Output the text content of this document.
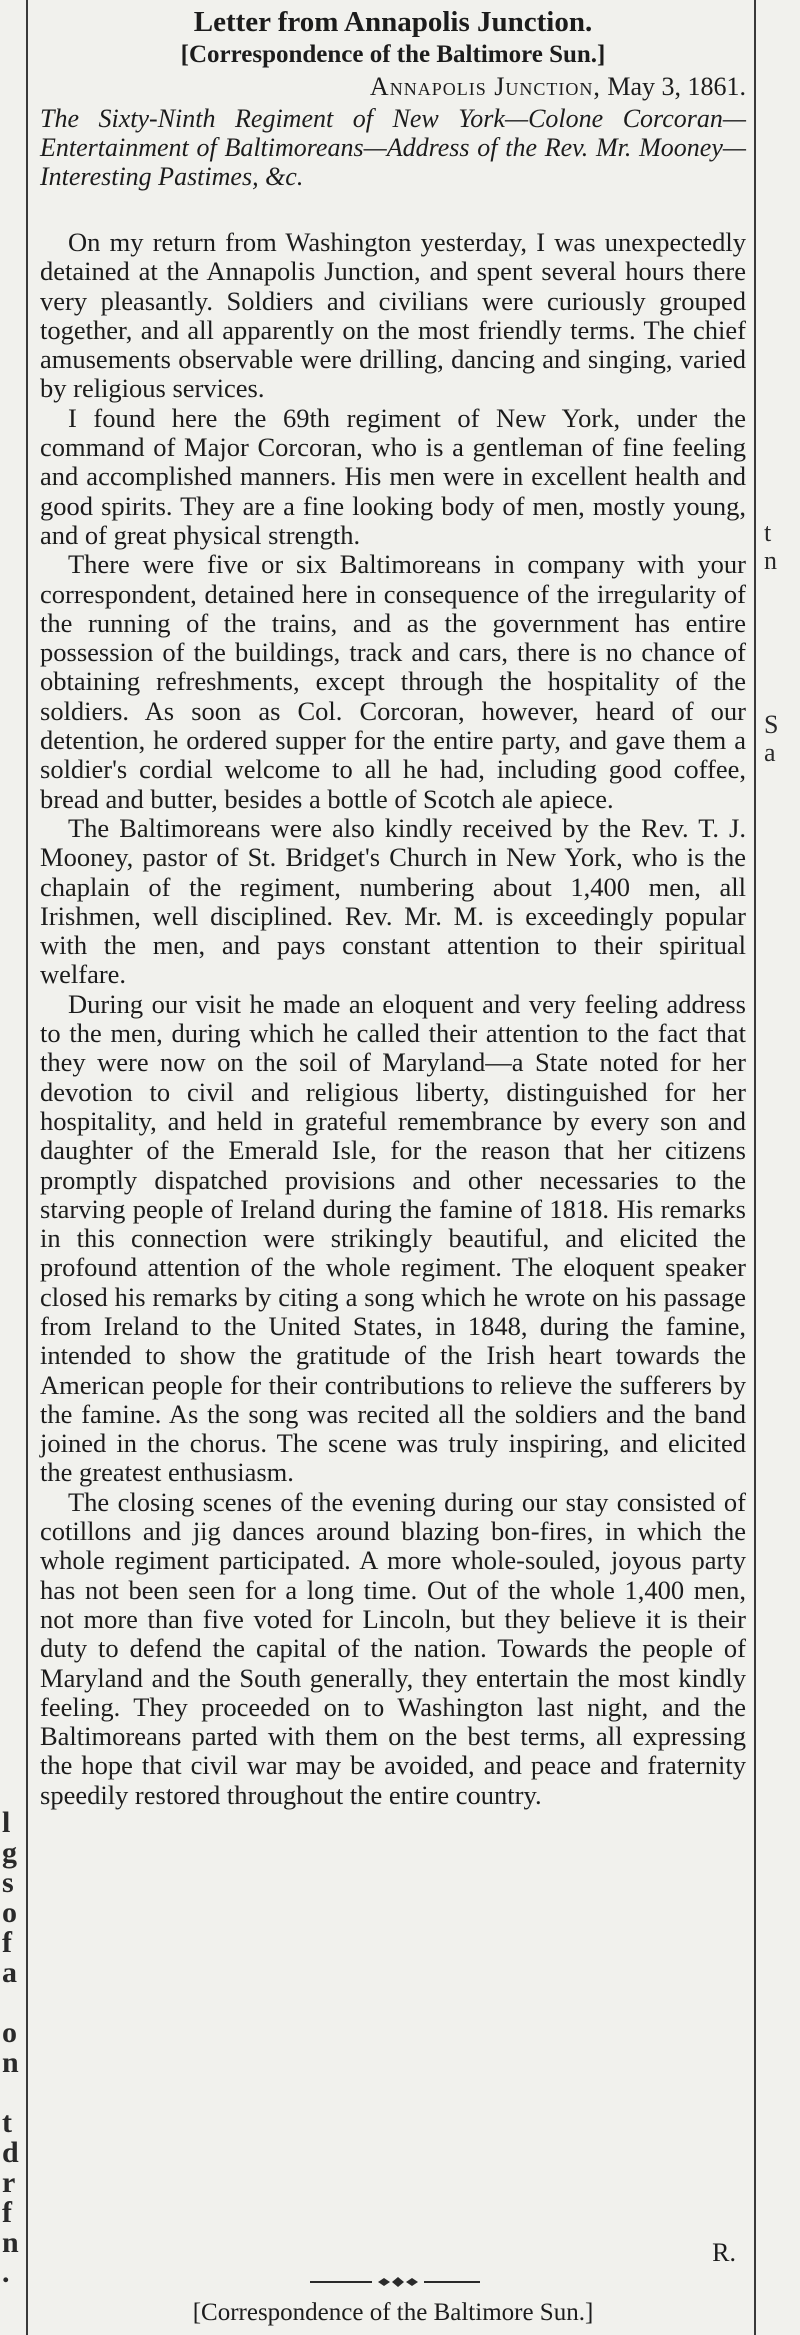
l
g
s
o
f
a
o
n
t
d
r
f
n
.
t
n
S
a
Letter from Annapolis Junction.
[Correspondence of the Baltimore Sun.]
Annapolis Junction, May 3, 1861.
The Sixty-Ninth Regiment of New York—Colone Corcoran—Entertainment of Baltimoreans—Address of the Rev. Mr. Mooney—Interesting Pastimes, &c.

On my return from Washington yesterday, I was unexpectedly detained at the Annapolis Junction, and spent several hours there very pleasantly. Soldiers and civilians were curiously grouped together, and all apparently on the most friendly terms. The chief amusements observable were drilling, dancing and singing, varied by religious services.

I found here the 69th regiment of New York, under the command of Major Corcoran, who is a gentleman of fine feeling and accomplished manners. His men were in excellent health and good spirits. They are a fine looking body of men, mostly young, and of great physical strength.

There were five or six Baltimoreans in company with your correspondent, detained here in consequence of the irregularity of the running of the trains, and as the government has entire possession of the buildings, track and cars, there is no chance of obtaining refreshments, except through the hospitality of the soldiers. As soon as Col. Corcoran, however, heard of our detention, he ordered supper for the entire party, and gave them a soldier's cordial welcome to all he had, including good coffee, bread and butter, besides a bottle of Scotch ale apiece.

The Baltimoreans were also kindly received by the Rev. T. J. Mooney, pastor of St. Bridget's Church in New York, who is the chaplain of the regiment, numbering about 1,400 men, all Irishmen, well disciplined. Rev. Mr. M. is exceedingly popular with the men, and pays constant attention to their spiritual welfare.

During our visit he made an eloquent and very feeling address to the men, during which he called their attention to the fact that they were now on the soil of Maryland—a State noted for her devotion to civil and religious liberty, distinguished for her hospitality, and held in grateful remembrance by every son and daughter of the Emerald Isle, for the reason that her citizens promptly dispatched provisions and other necessaries to the starving people of Ireland during the famine of 1818. His remarks in this connection were strikingly beautiful, and elicited the profound attention of the whole regiment. The eloquent speaker closed his remarks by citing a song which he wrote on his passage from Ireland to the United States, in 1848, during the famine, intended to show the gratitude of the Irish heart towards the American people for their contributions to relieve the sufferers by the famine. As the song was recited all the soldiers and the band joined in the chorus. The scene was truly inspiring, and elicited the greatest enthusiasm.

The closing scenes of the evening during our stay consisted of cotillons and jig dances around blazing bon-fires, in which the whole regiment participated. A more whole-souled, joyous party has not been seen for a long time. Out of the whole 1,400 men, not more than five voted for Lincoln, but they believe it is their duty to defend the capital of the nation. Towards the people of Maryland and the South generally, they entertain the most kindly feeling. They proceeded on to Washington last night, and the Baltimoreans parted with them on the best terms, all expressing the hope that civil war may be avoided, and peace and fraternity speedily restored throughout the entire country.

R.
[Correspondence of the Baltimore Sun.]
